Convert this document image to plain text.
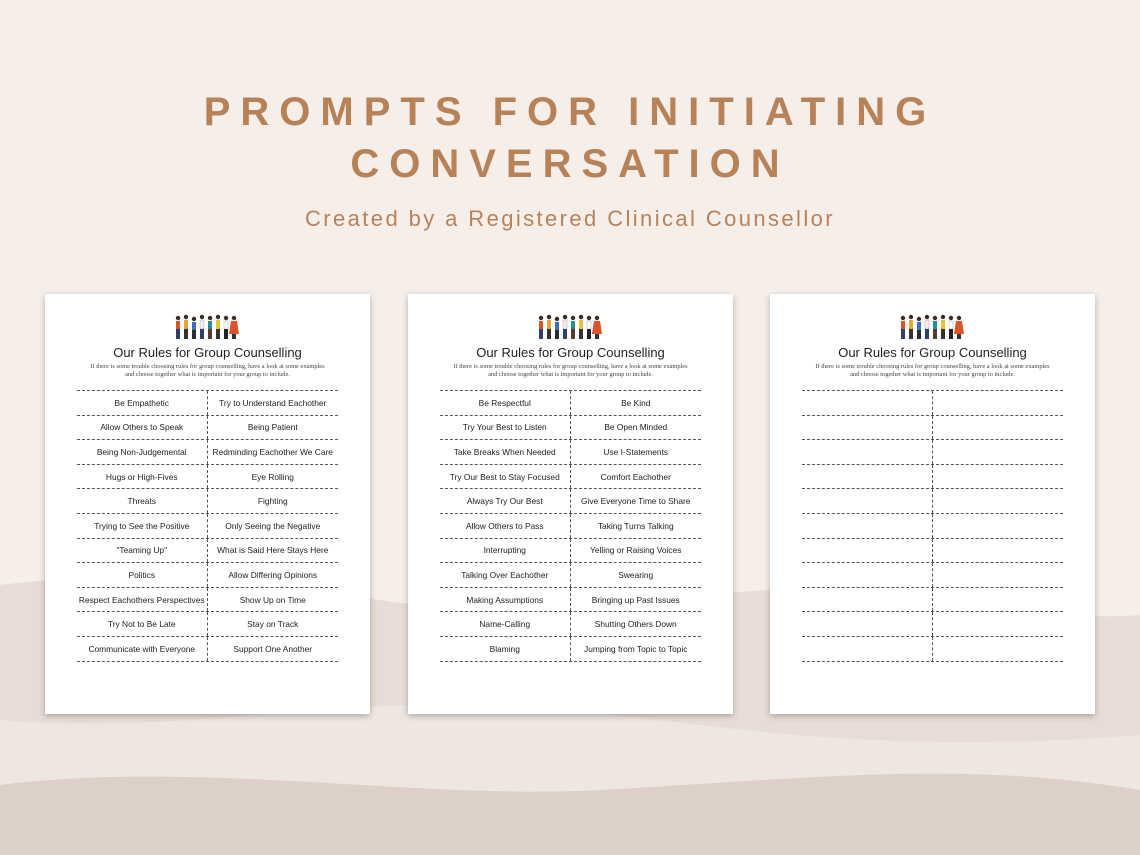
PROMPTS FOR INITIATING
CONVERSATION
Created by a Registered Clinical Counsellor
Our Rules for Group Counselling
If there is some trouble choosing rules for group counselling, have a look at some examples and choose together what is important for your group to include.
Be Empathetic	Try to Understand Eachother
Allow Others to Speak	Being Patient
Being Non-Judgemental	Redminding Eachother We Care
Hugs or High-Fives	Eye Rolling
Threats	Fighting
Trying to See the Positive	Only Seeing the Negative
"Teaming Up"	What is Said Here Stays Here
Politics	Allow Differing Opinions
Respect Eachothers Perspectives	Show Up on Time
Try Not to Be Late	Stay on Track
Communicate with Everyone	Support One Another
Our Rules for Group Counselling
If there is some trouble choosing rules for group counselling, have a look at some examples and choose together what is important for your group to include.
Be Respectful	Be Kind
Try Your Best to Listen	Be Open Minded
Take Breaks When Needed	Use I-Statements
Try Our Best to Stay Focused	Comfort Eachother
Always Try Our Best	Give Everyone Time to Share
Allow Others to Pass	Taking Turns Talking
Interrupting	Yelling or Raising Voices
Talking Over Eachother	Swearing
Making Assumptions	Bringing up Past Issues
Name-Calling	Shutting Others Down
Blaming	Jumping from Topic to Topic
Our Rules for Group Counselling
If there is some trouble choosing rules for group counselling, have a look at some examples and choose together what is important for your group to include.
